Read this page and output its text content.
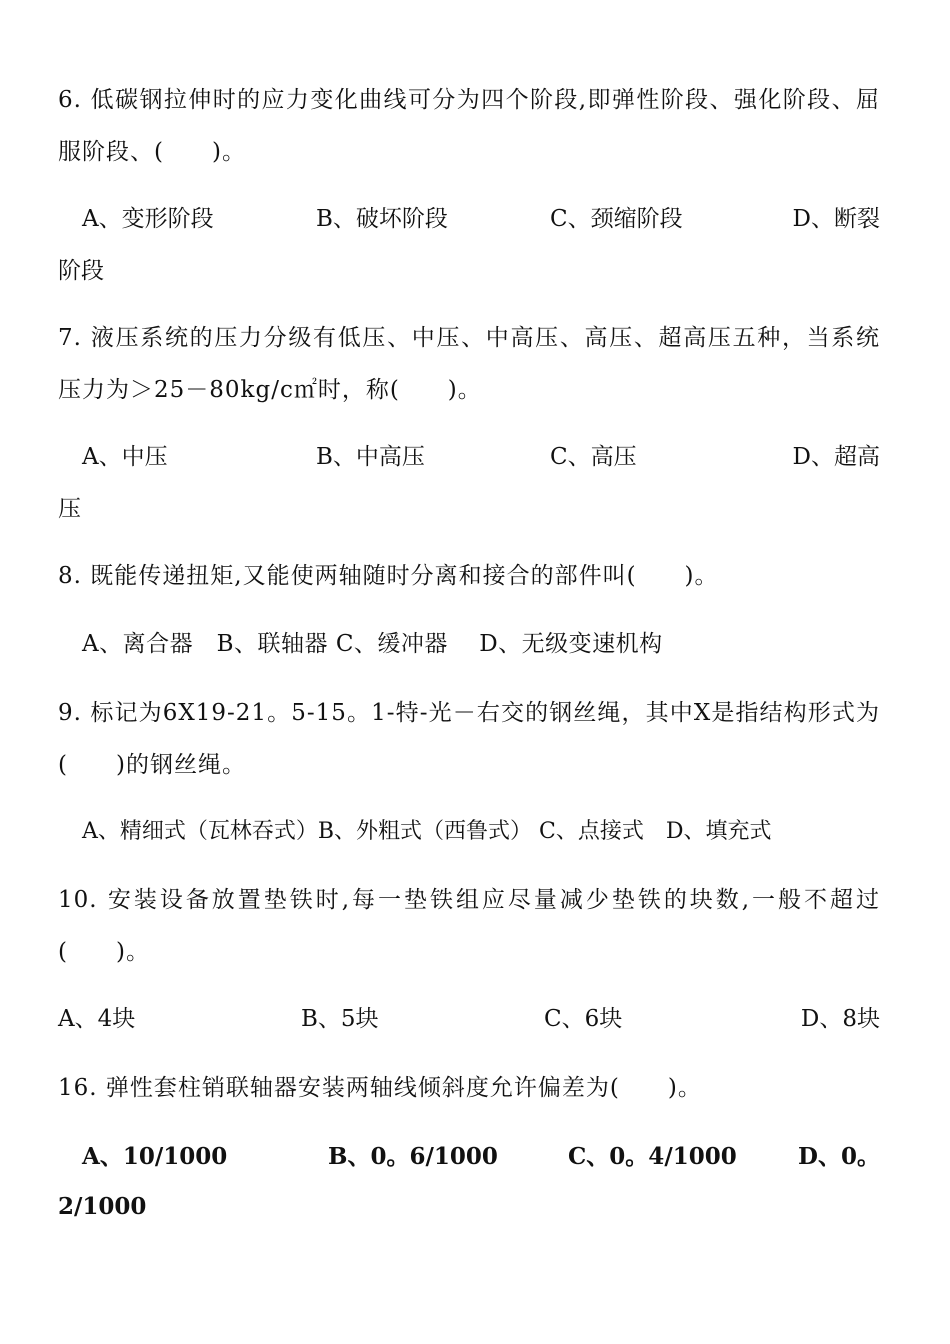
6. 低碳钢拉伸时的应力变化曲线可分为四个阶段,即弹性阶段、强化阶段、屈服阶段、(　　)。
A、变形阶段	B、破坏阶段	C、颈缩阶段	D、断裂
阶段
7. 液压系统的压力分级有低压、中压、中高压、高压、超高压五种，当系统压力为＞25－80kg/c㎡时，称(　　)。
A、中压	B、中高压	C、高压	D、超高
压
8. 既能传递扭矩,又能使两轴随时分离和接合的部件叫(　　)。
A、离合器　B、联轴器 C、缓冲器　 D、无级变速机构
9. 标记为6X19-21。5-15。1-特-光－右交的钢丝绳，其中X是指结构形式为(　　)的钢丝绳。
A、精细式（瓦林吞式）B、外粗式（西鲁式） C、点接式　D、填充式
10. 安装设备放置垫铁时,每一垫铁组应尽量减少垫铁的块数,一般不超过(　　)。
A、4块	B、5块	C、6块	D、8块
16. 弹性套柱销联轴器安装两轴线倾斜度允许偏差为(　　)。
A、10/1000	B、0。6/1000	C、0。4/1000	D、0。
2/1000
